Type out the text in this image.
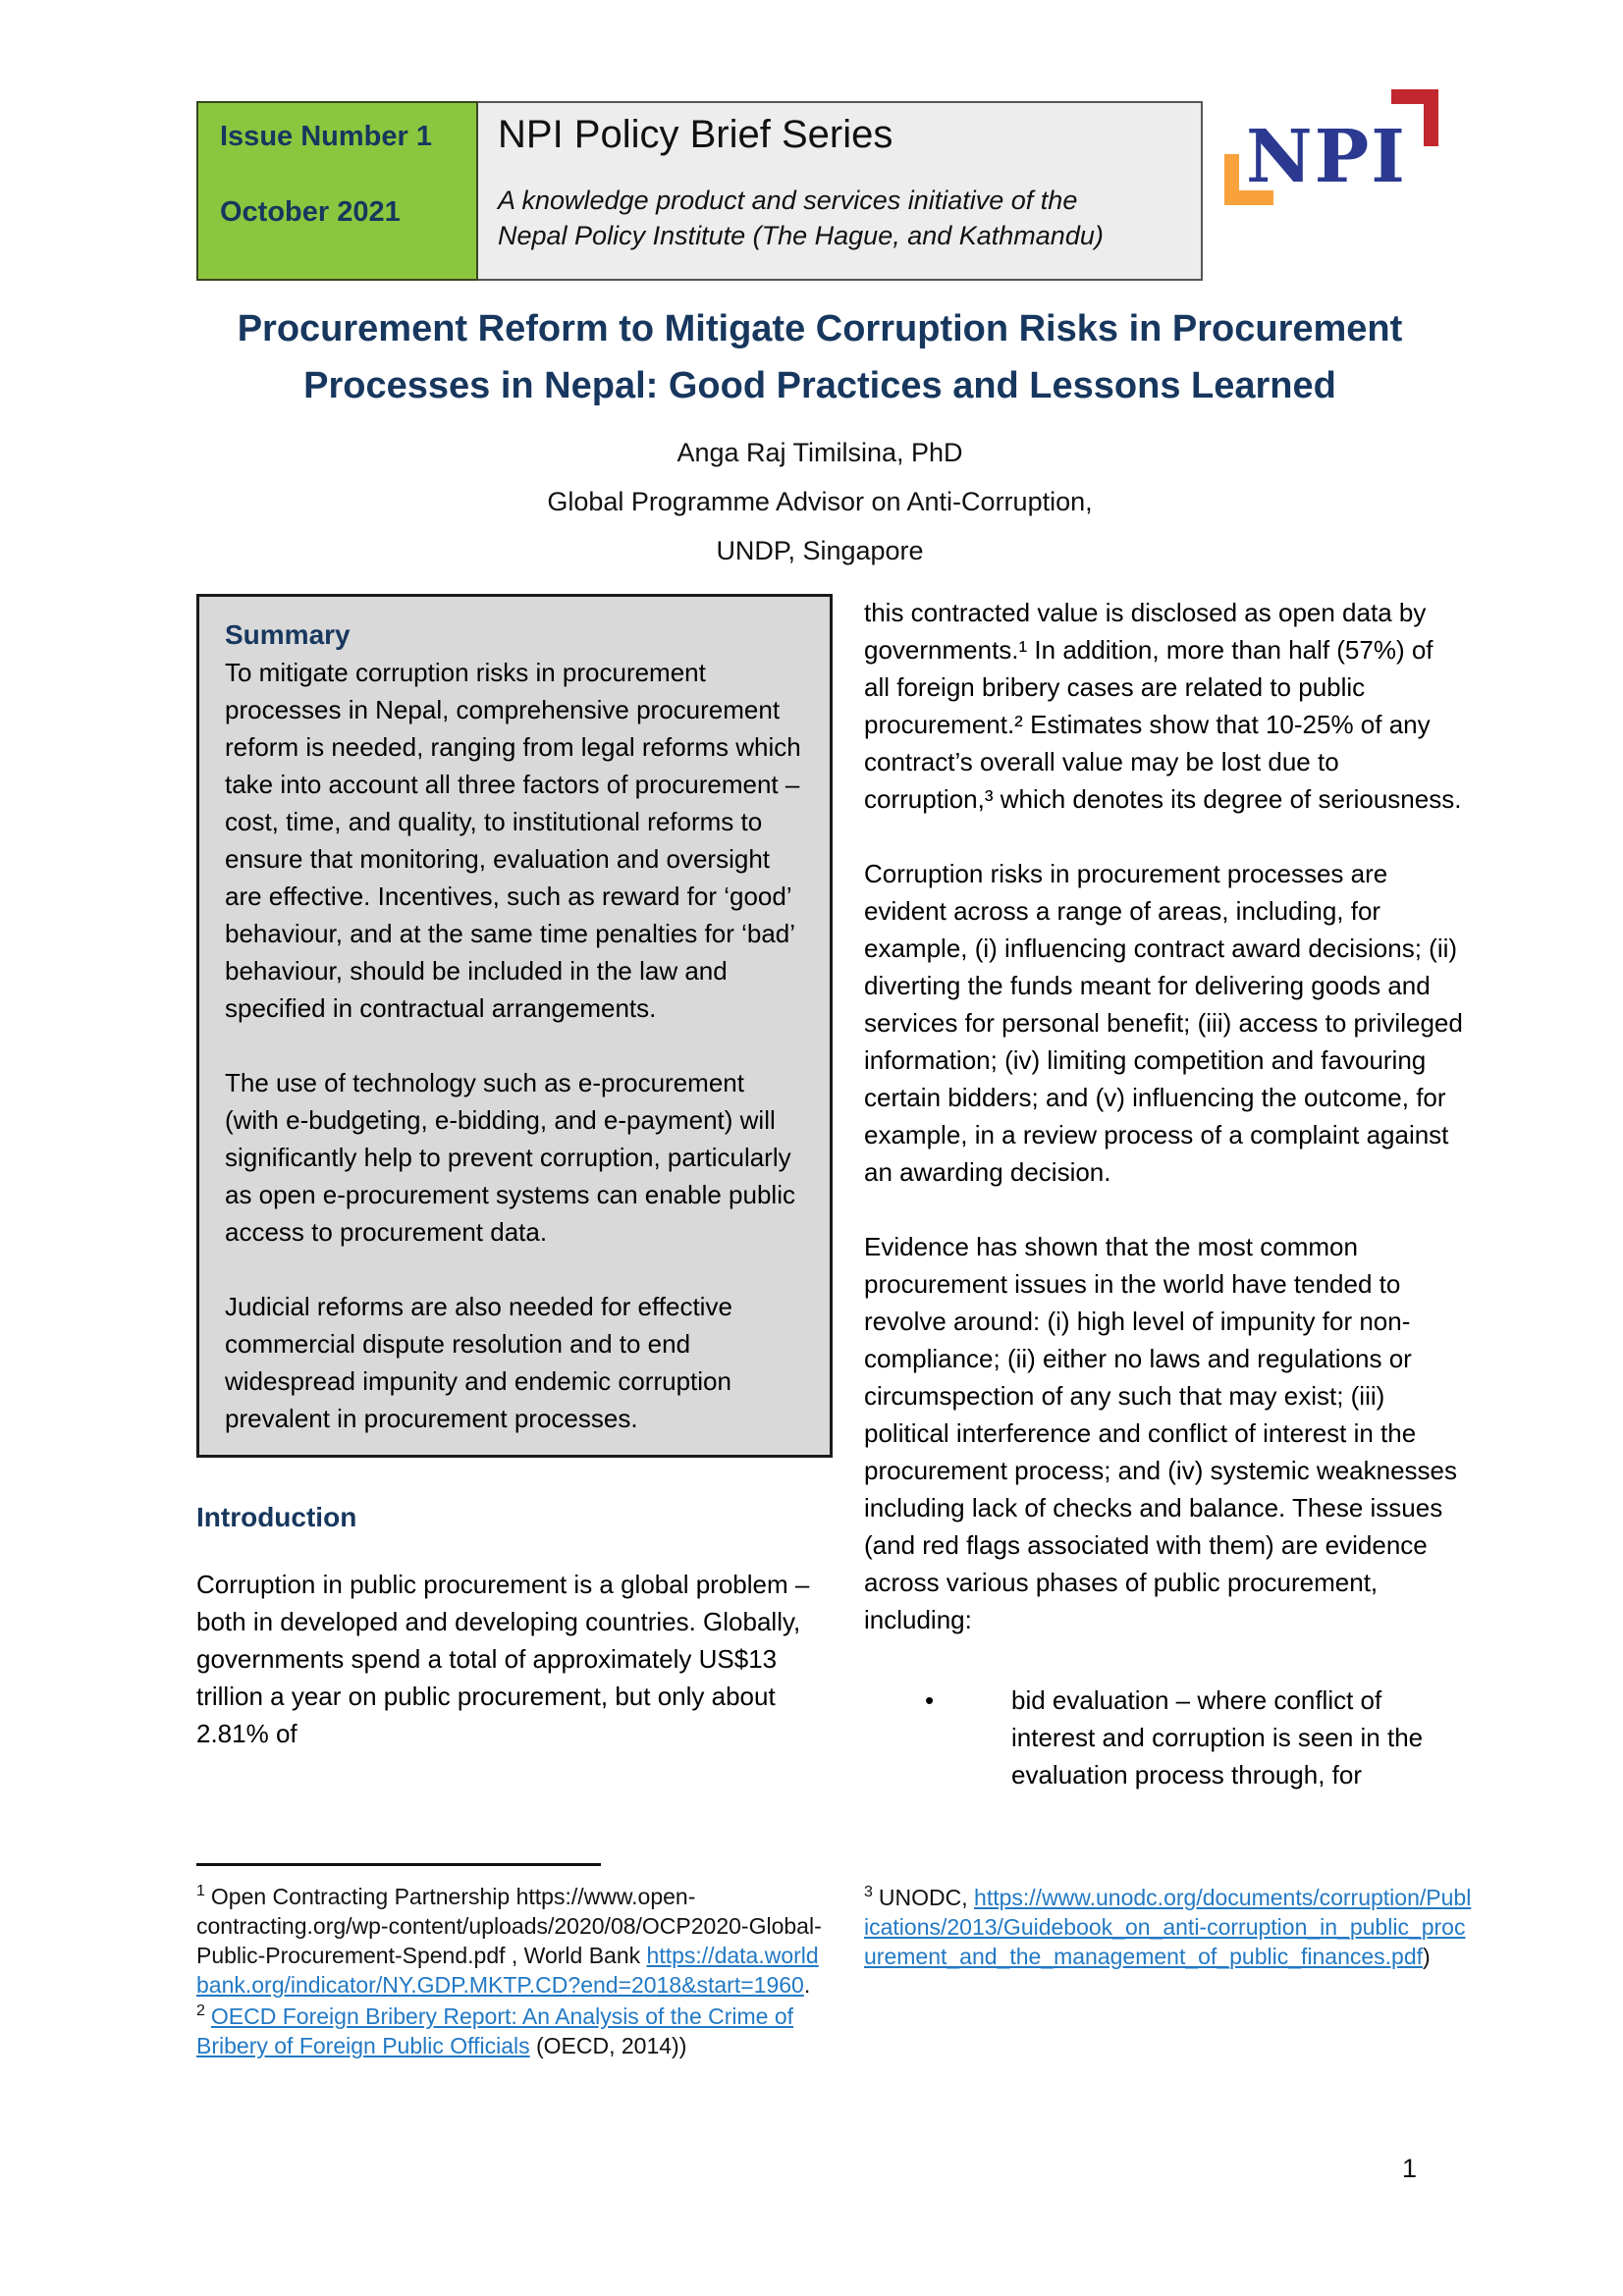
Issue Number 1
October 2021
NPI Policy Brief Series
A knowledge product and services initiative of the Nepal Policy Institute (The Hague, and Kathmandu)
NPI
Procurement Reform to Mitigate Corruption Risks in Procurement
Processes in Nepal: Good Practices and Lessons Learned
Anga Raj Timilsina, PhD
Global Programme Advisor on Anti-Corruption,
UNDP, Singapore
Summary
To mitigate corruption risks in procurement processes in Nepal, comprehensive procurement reform is needed, ranging from legal reforms which take into account all three factors of procurement – cost, time, and quality, to institutional reforms to ensure that monitoring, evaluation and oversight are effective. Incentives, such as reward for ‘good’ behaviour, and at the same time penalties for ‘bad’ behaviour, should be included in the law and specified in contractual arrangements.
The use of technology such as e-procurement (with e-budgeting, e-bidding, and e-payment) will significantly help to prevent corruption, particularly as open e-procurement systems can enable public access to procurement data.
Judicial reforms are also needed for effective commercial dispute resolution and to end widespread impunity and endemic corruption prevalent in procurement processes.
Introduction
Corruption in public procurement is a global problem – both in developed and developing countries. Globally, governments spend a total of approximately US$13 trillion a year on public procurement, but only about 2.81% of
this contracted value is disclosed as open data by governments.¹ In addition, more than half (57%) of all foreign bribery cases are related to public procurement.² Estimates show that 10-25% of any contract’s overall value may be lost due to corruption,³ which denotes its degree of seriousness.
Corruption risks in procurement processes are evident across a range of areas, including, for example, (i) influencing contract award decisions; (ii) diverting the funds meant for delivering goods and services for personal benefit; (iii) access to privileged information; (iv) limiting competition and favouring certain bidders; and (v) influencing the outcome, for example, in a review process of a complaint against an awarding decision.
Evidence has shown that the most common procurement issues in the world have tended to revolve around: (i) high level of impunity for non-compliance; (ii) either no laws and regulations or circumspection of any such that may exist; (iii) political interference and conflict of interest in the procurement process; and (iv) systemic weaknesses including lack of checks and balance. These issues (and red flags associated with them) are evidence across various phases of public procurement, including:
• bid evaluation – where conflict of interest and corruption is seen in the evaluation process through, for
$^1$ Open Contracting Partnership https://www.open-contracting.org/wp-content/uploads/2020/08/OCP2020-Global-Public-Procurement-Spend.pdf , World Bank https://data.worldbank.org/indicator/NY.GDP.MKTP.CD?end=2018&start=1960.
$^2$ OECD Foreign Bribery Report: An Analysis of the Crime of Bribery of Foreign Public Officials (OECD, 2014))
$^3$ UNODC, https://www.unodc.org/documents/corruption/Publications/2013/Guidebook_on_anti-corruption_in_public_procurement_and_the_management_of_public_finances.pdf)
1
